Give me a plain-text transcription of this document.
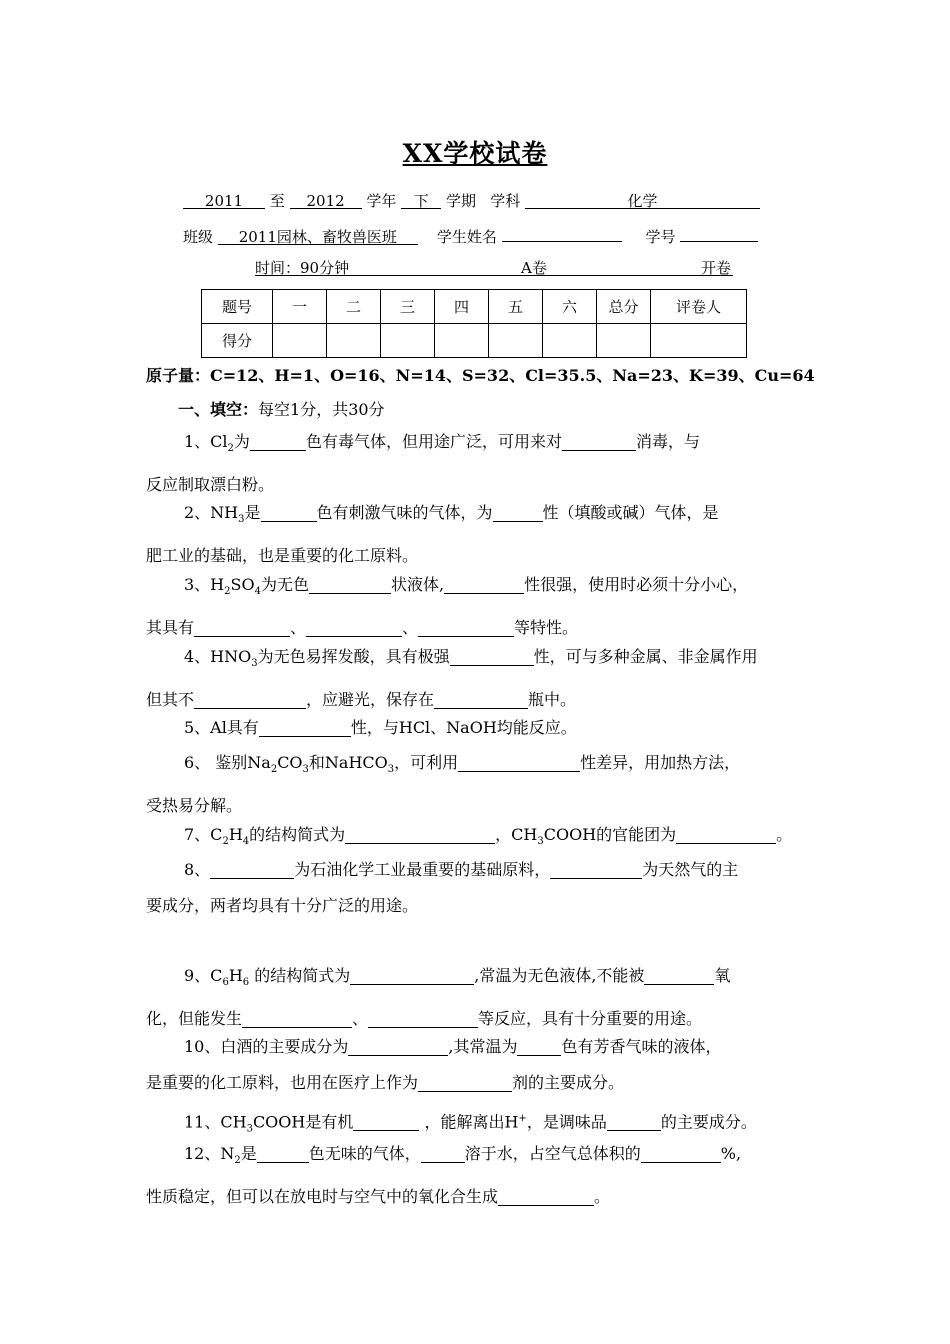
XX学校试卷
2011 至 2012 学年 下 学期 学科	化学
班级 2011园林、畜牧兽医班	学生姓名	学号
时间：90分钟	A卷	开卷
题号	一	二	三	四	五	六	总分	评卷人
得分								
原子量：C=12、H=1、O=16、N=14、S=32、Cl=35.5、Na=23、K=39、Cu=64
一、填空：每空1分，共30分

1、$Cl_2$为	色有毒气体，但用途广泛，可用来对	消毒，与

反应制取漂白粉。

2、$NH_3$是	色有刺激气味的气体，为	性（填酸或碱）气体，是

肥工业的基础，也是重要的化工原料。

3、$H_2SO_4$为无色	状液体,	性很强，使用时必须十分小心，

其具有	、	、	等特性。

4、$HNO_3$为无色易挥发酸，具有极强	性，可与多种金属、非金属作用

但其不	，应避光，保存在	瓶中。

5、Al具有	性，与HCl、NaOH均能反应。

6、 鉴别$Na_2CO_3$和NaHCO$_3$，可利用	性差异，用加热方法，

受热易分解。

7、$C_2H_4$的结构简式为	，$CH_3COOH$的官能团为	。

8、	为石油化学工业最重要的基础原料，	为天然气的主

要成分，两者均具有十分广泛的用途。

9、$C_6H_6$ 的结构简式为	,常温为无色液体,不能被	氧

化，但能发生	、	等反应，具有十分重要的用途。

10、白酒的主要成分为	,其常温为	色有芳香气味的液体，

是重要的化工原料，也用在医疗上作为	剂的主要成分。

11、$CH_3COOH$是有机	，能解离出H+，是调味品	的主要成分。

12、$N_2$是	色无味的气体，	溶于水，占空气总体积的	%,

性质稳定，但可以在放电时与空气中的氧化合生成	。
